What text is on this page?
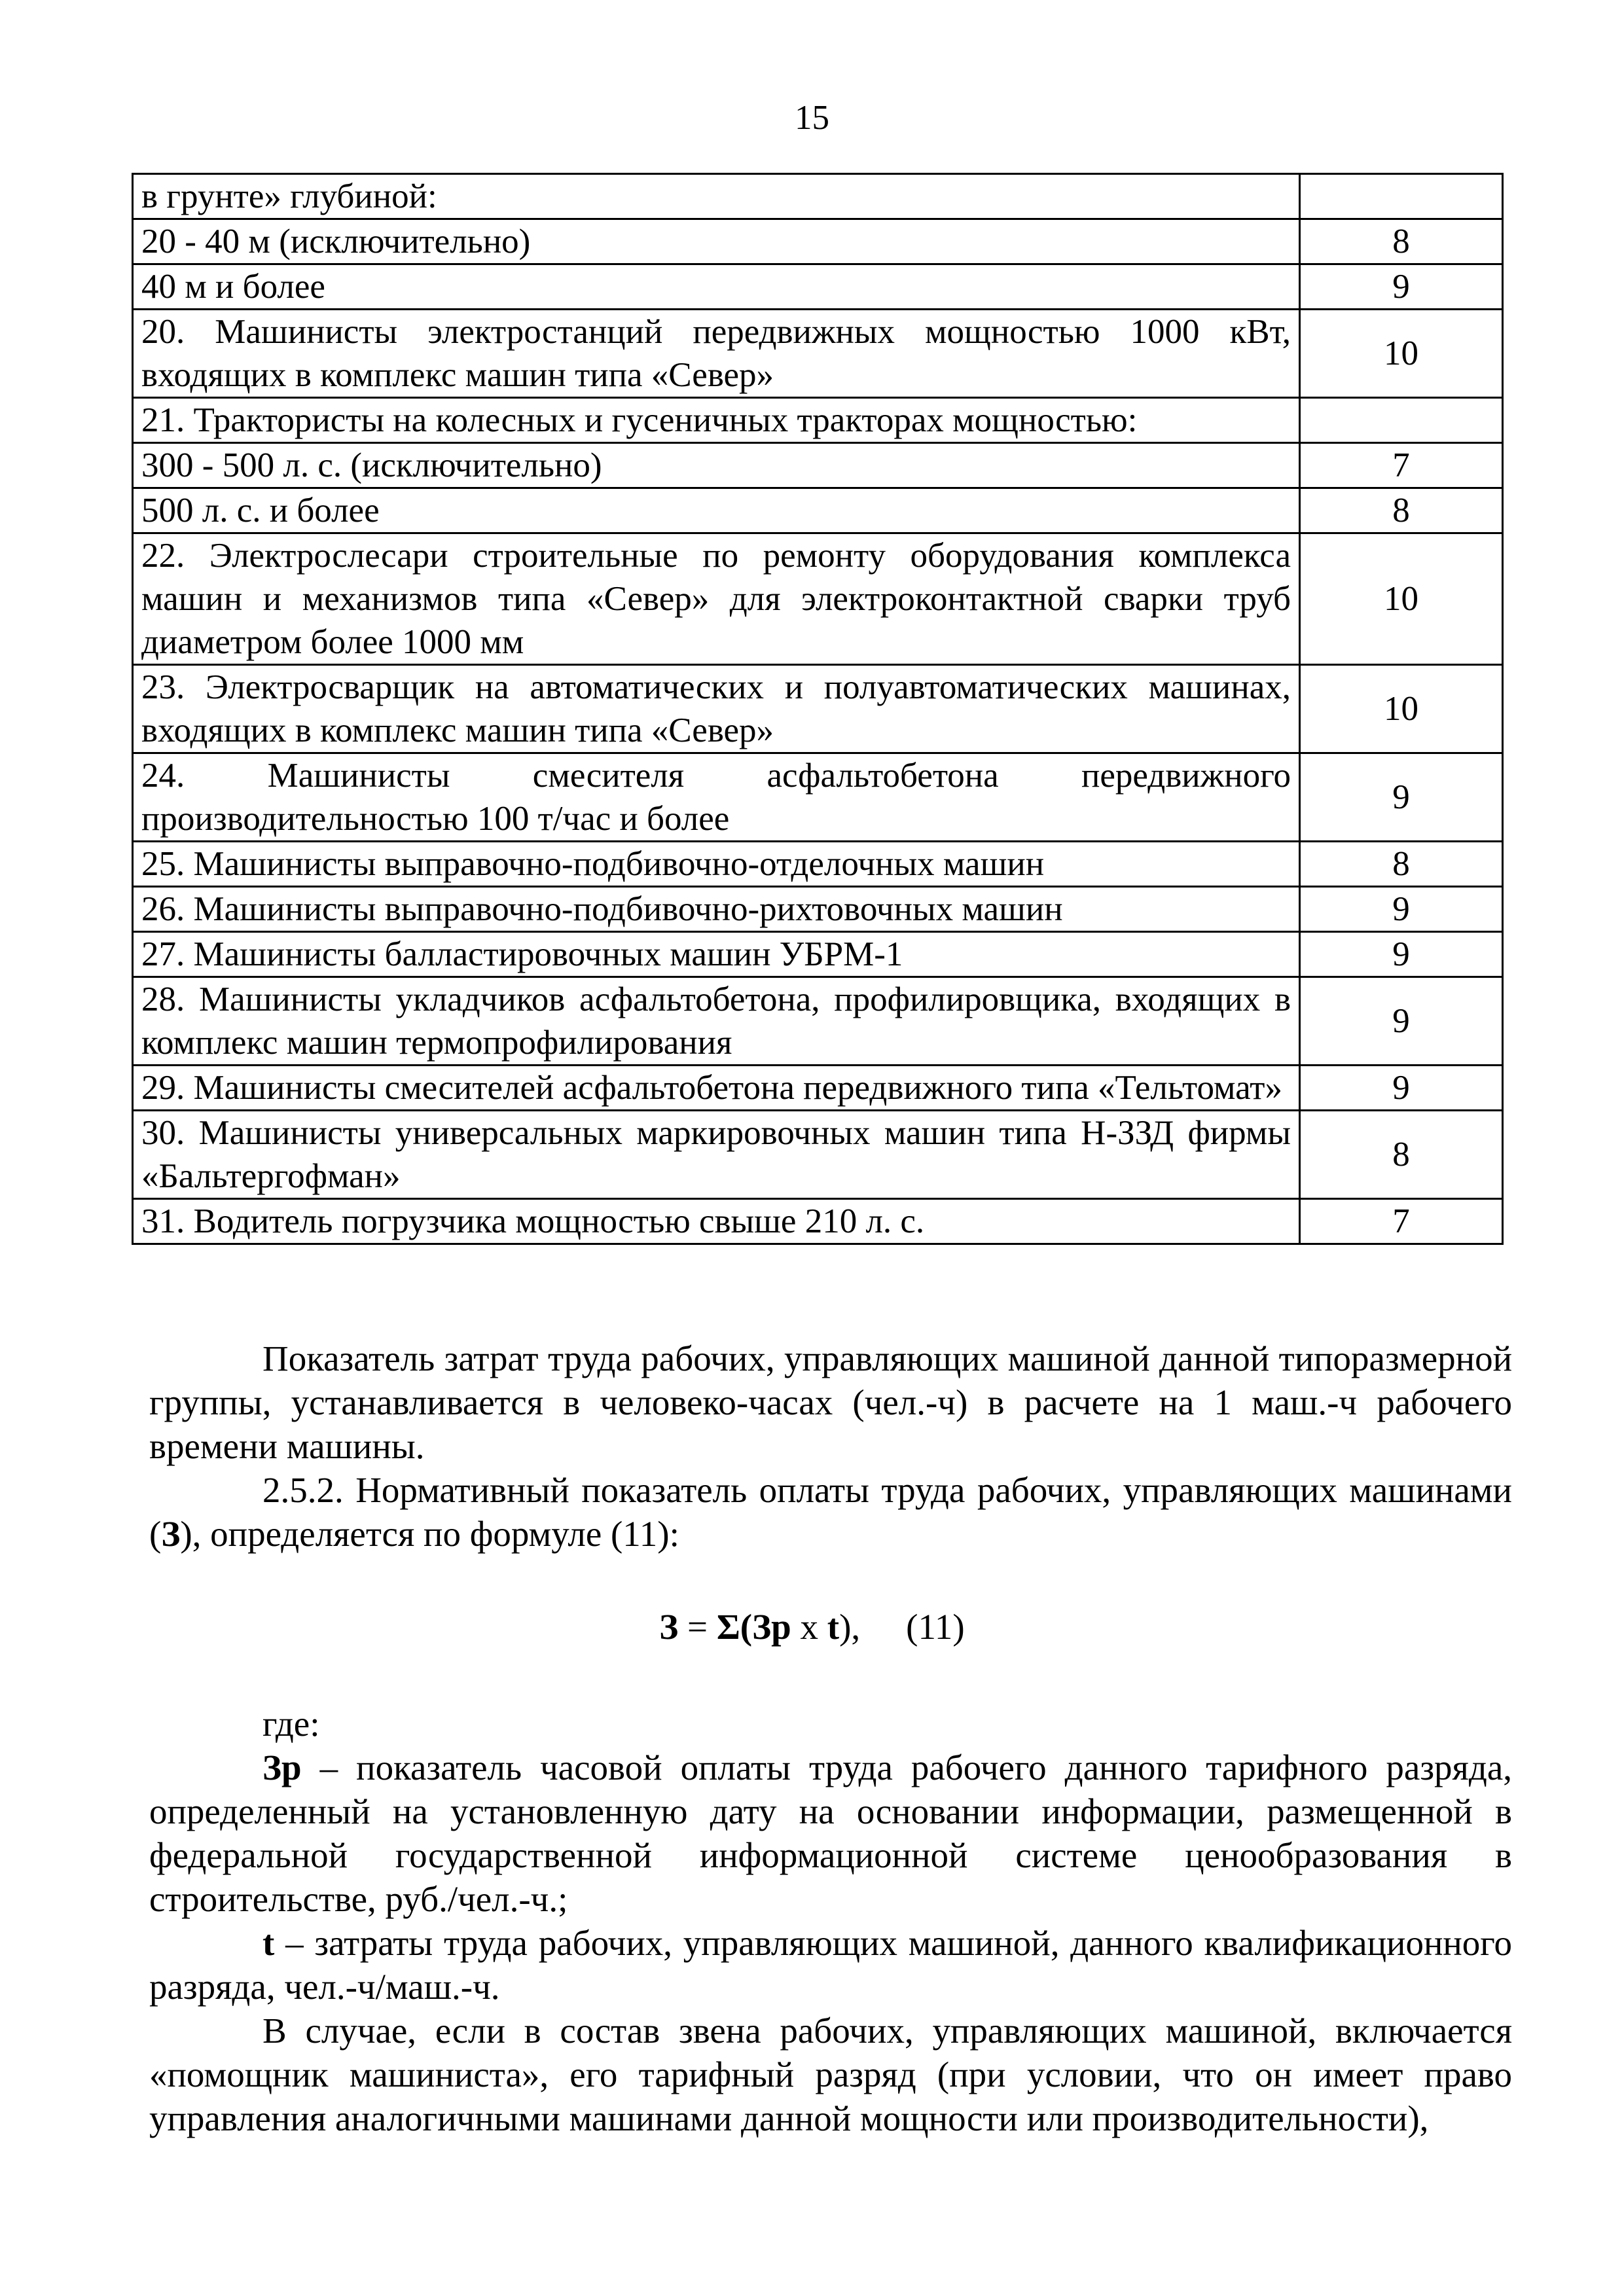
15
в грунте» глубиной:	
20 - 40 м (исключительно)	8
40 м и более	9
20. Машинисты электростанций передвижных мощностью 1000 кВт, входящих в комплекс машин типа «Север»	10
21. Трактористы на колесных и гусеничных тракторах мощностью:	
300 - 500 л. с. (исключительно)	7
500 л. с. и более	8
22. Электрослесари строительные по ремонту оборудования комплекса машин и механизмов типа «Север» для электроконтактной сварки труб диаметром более 1000 мм	10
23. Электросварщик на автоматических и полуавтоматических машинах, входящих в комплекс машин типа «Север»	10
24. Машинисты смесителя асфальтобетона передвижного производительностью 100 т/час и более	9
25. Машинисты выправочно-подбивочно-отделочных машин	8
26. Машинисты выправочно-подбивочно-рихтовочных машин	9
27. Машинисты балластировочных машин УБРМ-1	9
28. Машинисты укладчиков асфальтобетона, профилировщика, входящих в комплекс машин термопрофилирования	9
29. Машинисты смесителей асфальтобетона передвижного типа «Тельтомат»	9
30. Машинисты универсальных маркировочных машин типа Н-ЗЗД фирмы «Бальтергофман»	8
31. Водитель погрузчика мощностью свыше 210 л. с.	7

Показатель затрат труда рабочих, управляющих машиной данной типоразмерной группы, устанавливается в человеко-часах (чел.-ч) в расчете на 1 маш.-ч рабочего времени машины.

2.5.2. Нормативный показатель оплаты труда рабочих, управляющих машинами (З), определяется по формуле (11):

З = Σ(Зр x t), (11)

где:

Зр – показатель часовой оплаты труда рабочего данного тарифного разряда, определенный на установленную дату на основании информации, размещенной в федеральной государственной информационной системе ценообразования в строительстве, руб./чел.-ч.;

t – затраты труда рабочих, управляющих машиной, данного квалификационного разряда, чел.-ч/маш.-ч.

В случае, если в состав звена рабочих, управляющих машиной, включается «помощник машиниста», его тарифный разряд (при условии, что он имеет право управления аналогичными машинами данной мощности или производительности),
